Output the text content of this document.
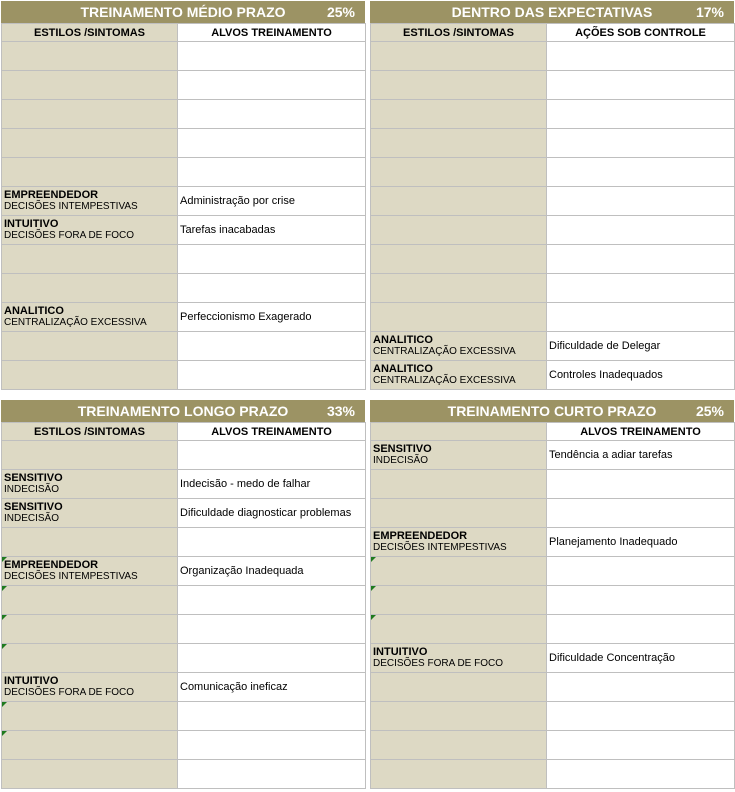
TREINAMENTO MÉDIO PRAZO	25%
ESTILOS /SINTOMAS	ALVOS TREINAMENTO

EMPREENDEDOR
DECISÕES INTEMPESTIVAS	Administração por crise

INTUITIVO
DECISÕES FORA DE FOCO	Tarefas inacabadas

ANALITICO
CENTRALIZAÇÃO EXCESSIVA	Perfeccionismo Exagerado

DENTRO DAS EXPECTATIVAS	17%
ESTILOS /SINTOMAS	AÇÕES SOB CONTROLE

ANALITICO
CENTRALIZAÇÃO EXCESSIVA	Dificuldade de Delegar

ANALITICO
CENTRALIZAÇÃO EXCESSIVA	Controles Inadequados
TREINAMENTO LONGO PRAZO	33%
ESTILOS /SINTOMAS	ALVOS TREINAMENTO

SENSITIVO
INDECISÃO	Indecisão - medo de falhar

SENSITIVO
INDECISÃO	Dificuldade diagnosticar problemas

EMPREENDEDOR
DECISÕES INTEMPESTIVAS	Organização Inadequada

INTUITIVO
DECISÕES FORA DE FOCO	Comunicação ineficaz

TREINAMENTO CURTO PRAZO	25%
	ALVOS TREINAMENTO

SENSITIVO
INDECISÃO	Tendência a adiar tarefas

EMPREENDEDOR
DECISÕES INTEMPESTIVAS	Planejamento Inadequado

INTUITIVO
DECISÕES FORA DE FOCO	Dificuldade Concentração
